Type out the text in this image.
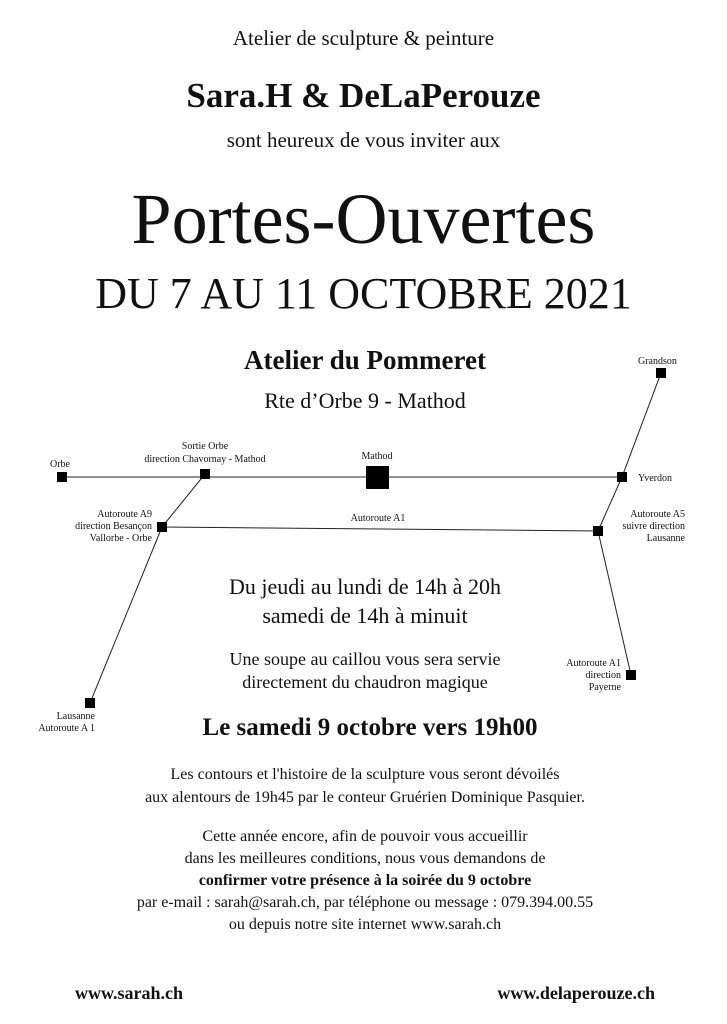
Atelier de sculpture & peinture
Sara.H & DeLaPerouze
sont heureux de vous inviter aux
Portes-Ouvertes
DU 7 AU 11 OCTOBRE 2021
Atelier du Pommeret
Rte d’Orbe 9 - Mathod
Orbe
Sortie Orbe
direction Chavornay - Mathod	Mathod
Yverdon
Grandson
Autoroute A9
direction Besançon
Vallorbe - Orbe
Autoroute A1	Autoroute A5
suivre direction
Lausanne
Lausanne
Autoroute A 1
Autoroute A1
direction
Payerne
Du jeudi au lundi de 14h à 20h
samedi de 14h à minuit
Une soupe au caillou vous sera servie
directement du chaudron magique
Le samedi 9 octobre vers 19h00
Les contours et l'histoire de la sculpture vous seront dévoilés
aux alentours de 19h45 par le conteur Gruérien Dominique Pasquier.
Cette année encore, afin de pouvoir vous accueillir
dans les meilleures conditions, nous vous demandons de
confirmer votre présence à la soirée du 9 octobre
par e-mail : sarah@sarah.ch, par téléphone ou message : 079.394.00.55
ou depuis notre site internet www.sarah.ch
www.sarah.ch	www.delaperouze.ch
